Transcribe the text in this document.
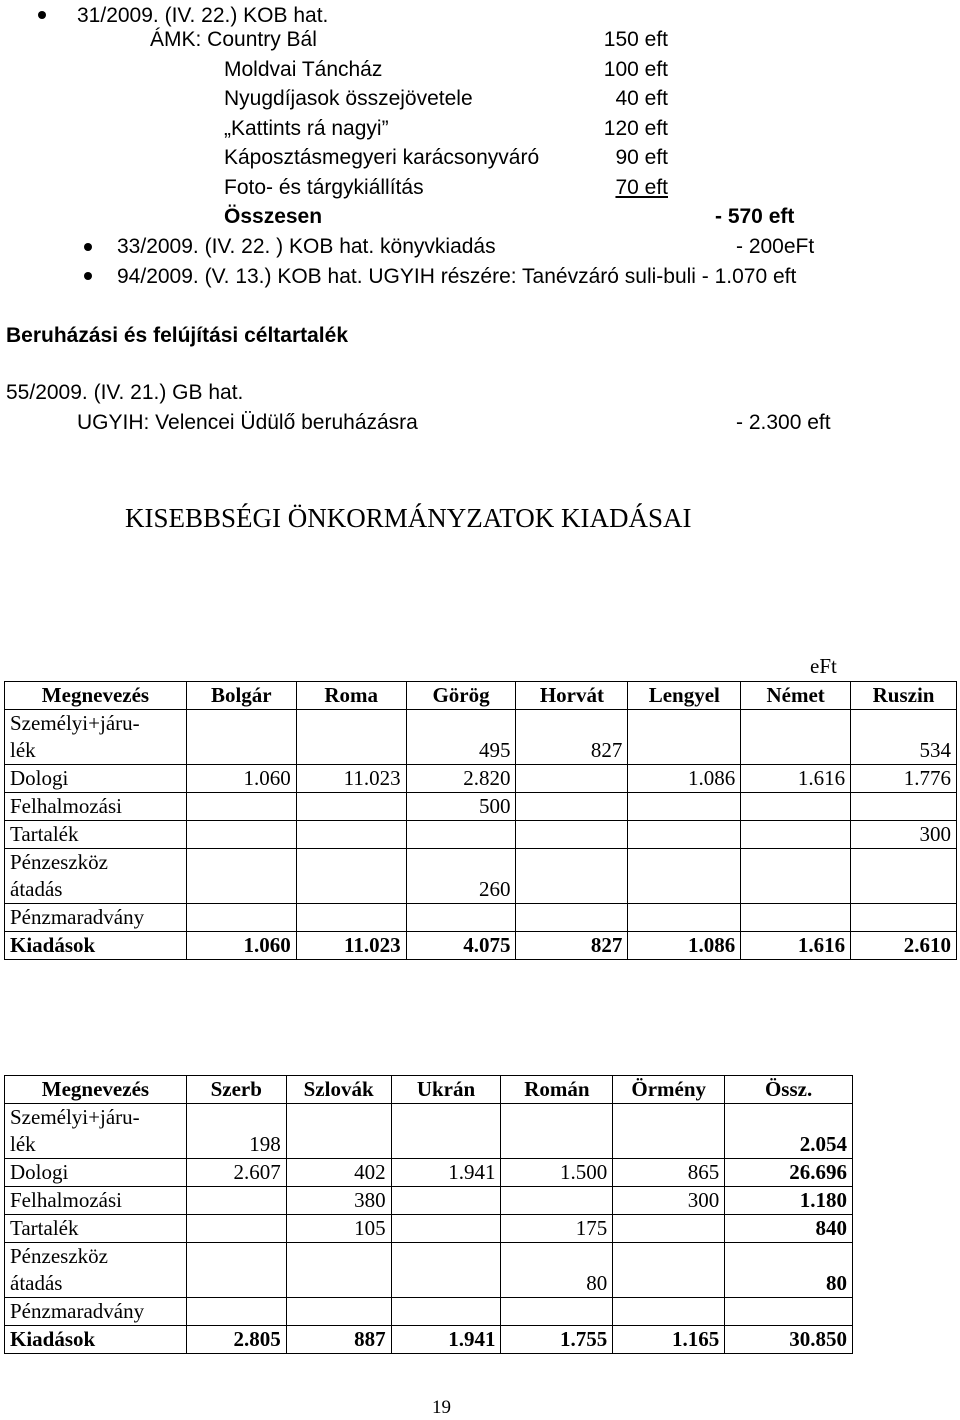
31/2009. (IV. 22.) KOB hat.
ÁMK: Country Bál	150 eft
Moldvai Táncház	100 eft
Nyugdíjasok összejövetele	40 eft
„Kattints rá nagyi”	120 eft
Káposztásmegyeri karácsonyváró	90 eft
Foto- és tárgykiállítás	70 eft
Összesen	- 570 eft
33/2009. (IV. 22. ) KOB hat. könyvkiadás	- 200eFt
94/2009. (V. 13.) KOB hat. UGYIH részére: Tanévzáró suli-buli - 1.070 eft
Beruházási és felújítási céltartalék
55/2009. (IV. 21.) GB hat.
UGYIH: Velencei Üdülő beruházásra	- 2.300 eft
KISEBBSÉGI ÖNKORMÁNYZATOK KIADÁSAI
eFt
Megnevezés	Bolgár	Roma	Görög	Horvát	Lengyel	Német	Ruszin

Személyi+járu-
lék			495	827			534

Dologi	1.060	11.023	2.820		1.086	1.616	1.776

Felhalmozási			500				

Tartalék							300

Pénzeszköz
átadás			260				

Pénzmaradvány							

Kiadások	1.060	11.023	4.075	827	1.086	1.616	2.610
Megnevezés	Szerb	Szlovák	Ukrán	Román	Örmény	Össz.

Személyi+járu-
lék	198					2.054

Dologi	2.607	402	1.941	1.500	865	26.696

Felhalmozási		380			300	1.180

Tartalék		105		175		840

Pénzeszköz
átadás				80		80

Pénzmaradvány						

Kiadások	2.805	887	1.941	1.755	1.165	30.850
19
